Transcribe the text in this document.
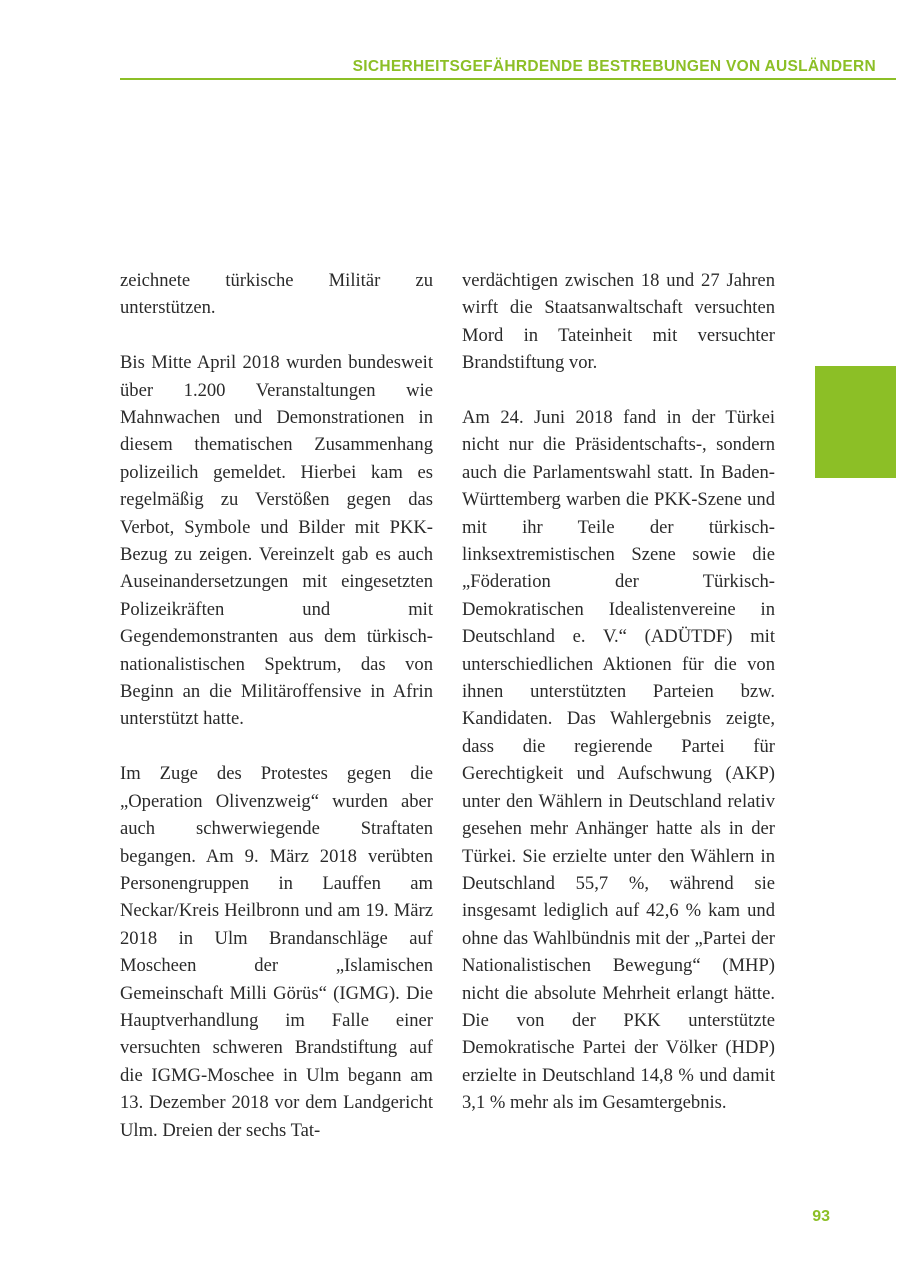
SICHERHEITSGEFÄHRDENDE BESTREBUNGEN VON AUSLÄNDERN

zeichnete türkische Militär zu unterstützen.

Bis Mitte April 2018 wurden bundesweit über 1.200 Veranstaltungen wie Mahnwachen und Demonstrationen in diesem thematischen Zusammenhang polizeilich gemeldet. Hierbei kam es regelmäßig zu Verstößen gegen das Verbot, Symbole und Bilder mit PKK-Bezug zu zeigen. Vereinzelt gab es auch Auseinandersetzungen mit eingesetzten Polizeikräften und mit Gegendemonstranten aus dem türkisch-nationalistischen Spektrum, das von Beginn an die Militäroffensive in Afrin unterstützt hatte.

Im Zuge des Protestes gegen die „Operation Olivenzweig“ wurden aber auch schwerwiegende Straftaten begangen. Am 9. März 2018 verübten Personengruppen in Lauffen am Neckar/Kreis Heilbronn und am 19. März 2018 in Ulm Brandanschläge auf Moscheen der „Islamischen Gemeinschaft Milli Görüs“ (IGMG). Die Hauptverhandlung im Falle einer versuchten schweren Brandstiftung auf die IGMG-Moschee in Ulm begann am 13. Dezember 2018 vor dem Landgericht Ulm. Dreien der sechs Tat-

verdächtigen zwischen 18 und 27 Jahren wirft die Staatsanwaltschaft versuchten Mord in Tateinheit mit versuchter Brandstiftung vor.

Am 24. Juni 2018 fand in der Türkei nicht nur die Präsidentschafts-, sondern auch die Parlamentswahl statt. In Baden-Württemberg warben die PKK-Szene und mit ihr Teile der türkisch-linksextremistischen Szene sowie die „Föderation der Türkisch-Demokratischen Idealistenvereine in Deutschland e. V.“ (ADÜTDF) mit unterschiedlichen Aktionen für die von ihnen unterstützten Parteien bzw. Kandidaten. Das Wahlergebnis zeigte, dass die regierende Partei für Gerechtigkeit und Aufschwung (AKP) unter den Wählern in Deutschland relativ gesehen mehr Anhänger hatte als in der Türkei. Sie erzielte unter den Wählern in Deutschland 55,7 %, während sie insgesamt lediglich auf 42,6 % kam und ohne das Wahlbündnis mit der „Partei der Nationalistischen Bewegung“ (MHP) nicht die absolute Mehrheit erlangt hätte. Die von der PKK unterstützte Demokratische Partei der Völker (HDP) erzielte in Deutschland 14,8 % und damit 3,1 % mehr als im Gesamtergebnis.

93
